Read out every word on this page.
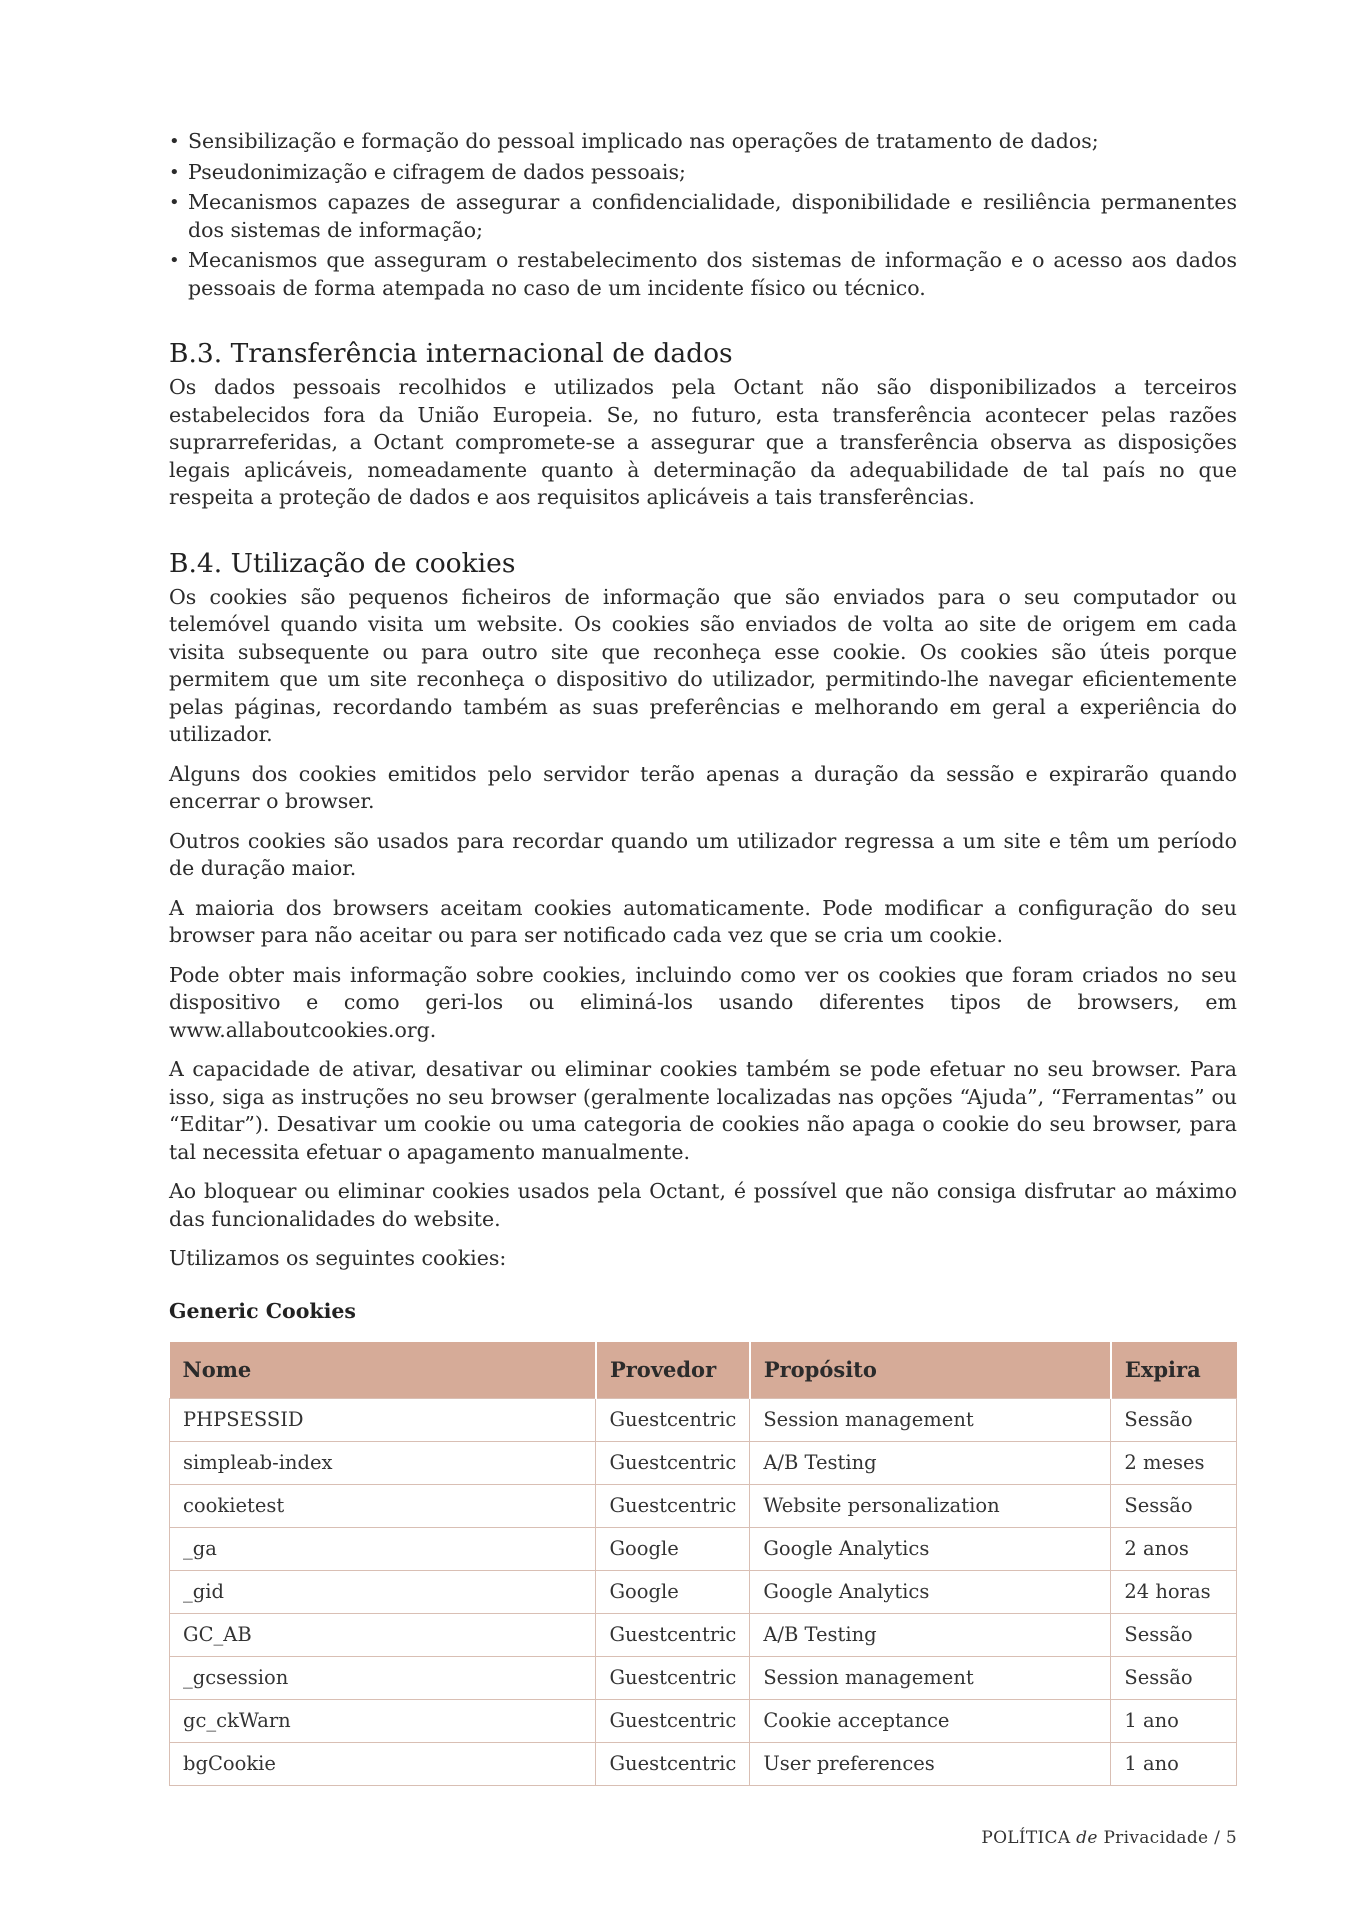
• Sensibilização e formação do pessoal implicado nas operações de tratamento de dados;
• Pseudonimização e cifragem de dados pessoais;
• Mecanismos capazes de assegurar a confidencialidade, disponibilidade e resiliência permanentes dos sistemas de informação;
• Mecanismos que asseguram o restabelecimento dos sistemas de informação e o acesso aos dados pessoais de forma atempada no caso de um incidente físico ou técnico.
B.3. Transferência internacional de dados

Os dados pessoais recolhidos e utilizados pela Octant não são disponibilizados a terceiros estabelecidos fora da União Europeia. Se, no futuro, esta transferência acontecer pelas razões suprarreferidas, a Octant compromete-se a assegurar que a transferência observa as disposições legais aplicáveis, nomeadamente quanto à determinação da adequabilidade de tal país no que respeita a proteção de dados e aos requisitos aplicáveis a tais transferências.

B.4. Utilização de cookies

Os cookies são pequenos ficheiros de informação que são enviados para o seu computador ou telemóvel quando visita um website. Os cookies são enviados de volta ao site de origem em cada visita subsequente ou para outro site que reconheça esse cookie. Os cookies são úteis porque permitem que um site reconheça o dispositivo do utilizador, permitindo-lhe navegar eficientemente pelas páginas, recordando também as suas preferências e melhorando em geral a experiência do utilizador.

Alguns dos cookies emitidos pelo servidor terão apenas a duração da sessão e expirarão quando encerrar o browser.

Outros cookies são usados para recordar quando um utilizador regressa a um site e têm um período de duração maior.

A maioria dos browsers aceitam cookies automaticamente. Pode modificar a configuração do seu browser para não aceitar ou para ser notificado cada vez que se cria um cookie.

Pode obter mais informação sobre cookies, incluindo como ver os cookies que foram criados no seu dispositivo e como geri-los ou eliminá-los usando diferentes tipos de browsers, em www.allaboutcookies.org.

A capacidade de ativar, desativar ou eliminar cookies também se pode efetuar no seu browser. Para isso, siga as instruções no seu browser (geralmente localizadas nas opções “Ajuda”, “Ferramentas” ou “Editar”). Desativar um cookie ou uma categoria de cookies não apaga o cookie do seu browser, para tal necessita efetuar o apagamento manualmente.

Ao bloquear ou eliminar cookies usados pela Octant, é possível que não consiga disfrutar ao máximo das funcionalidades do website.

Utilizamos os seguintes cookies:

Generic Cookies
Nome	Provedor	Propósito	Expira
PHPSESSID	Guestcentric	Session management	Sessão
simpleab-index	Guestcentric	A/B Testing	2 meses
cookietest	Guestcentric	Website personalization	Sessão
_ga	Google	Google Analytics	2 anos
_gid	Google	Google Analytics	24 horas
GC_AB	Guestcentric	A/B Testing	Sessão
_gcsession	Guestcentric	Session management	Sessão
gc_ckWarn	Guestcentric	Cookie acceptance	1 ano
bgCookie	Guestcentric	User preferences	1 ano
POLÍTICA de Privacidade / 5
